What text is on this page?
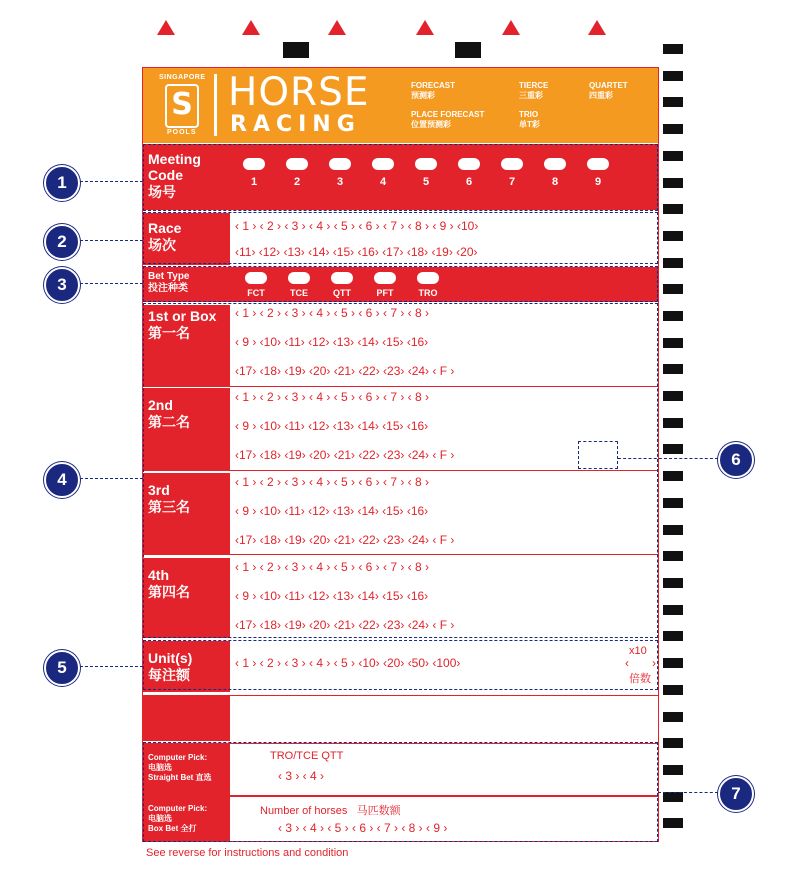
SINGAPORE
S
POOLS
HORSE
RACING
FORECAST
预测彩
TIERCE
三重彩
QUARTET
四重彩
PLACE FORECAST
位置预测彩
TRIO
单T彩
Meeting
Code
场号
1	2	3	4	5	6	7	8	9
Race
场次
‹ 1 › ‹ 2 › ‹ 3 › ‹ 4 › ‹ 5 › ‹ 6 › ‹ 7 › ‹ 8 › ‹ 9 › ‹10›
‹11› ‹12› ‹13› ‹14› ‹15› ‹16› ‹17› ‹18› ‹19› ‹20›
Bet Type
投注种类	FCT	TCE	QTT	PFT	TRO
1st or Box
第一名
‹ 1 › ‹ 2 › ‹ 3 › ‹ 4 › ‹ 5 › ‹ 6 › ‹ 7 › ‹ 8 ›
‹ 9 › ‹10› ‹11› ‹12› ‹13› ‹14› ‹15› ‹16›
‹17› ‹18› ‹19› ‹20› ‹21› ‹22› ‹23› ‹24› ‹ F ›
2nd
第二名
‹ 1 › ‹ 2 › ‹ 3 › ‹ 4 › ‹ 5 › ‹ 6 › ‹ 7 › ‹ 8 ›
‹ 9 › ‹10› ‹11› ‹12› ‹13› ‹14› ‹15› ‹16›
‹17› ‹18› ‹19› ‹20› ‹21› ‹22› ‹23› ‹24› ‹ F ›
3rd
第三名
‹ 1 › ‹ 2 › ‹ 3 › ‹ 4 › ‹ 5 › ‹ 6 › ‹ 7 › ‹ 8 ›
‹ 9 › ‹10› ‹11› ‹12› ‹13› ‹14› ‹15› ‹16›
‹17› ‹18› ‹19› ‹20› ‹21› ‹22› ‹23› ‹24› ‹ F ›
4th
第四名
‹ 1 › ‹ 2 › ‹ 3 › ‹ 4 › ‹ 5 › ‹ 6 › ‹ 7 › ‹ 8 ›
‹ 9 › ‹10› ‹11› ‹12› ‹13› ‹14› ‹15› ‹16›
‹17› ‹18› ‹19› ‹20› ‹21› ‹22› ‹23› ‹24› ‹ F ›
Unit(s)
每注额
‹ 1 › ‹ 2 › ‹ 3 › ‹ 4 › ‹ 5 › ‹10› ‹20› ‹50› ‹100›
x10
‹ ›
倍数
Computer Pick:
电脑选
Straight Bet 直选
TRO/TCE QTT
‹ 3 › ‹ 4 ›
Computer Pick:
电脑选
Box Bet 全打
Number of horses 马匹数额
‹ 3 › ‹ 4 › ‹ 5 › ‹ 6 › ‹ 7 › ‹ 8 › ‹ 9 ›
See reverse for instructions and condition
1
2
3
4
5
6
7
